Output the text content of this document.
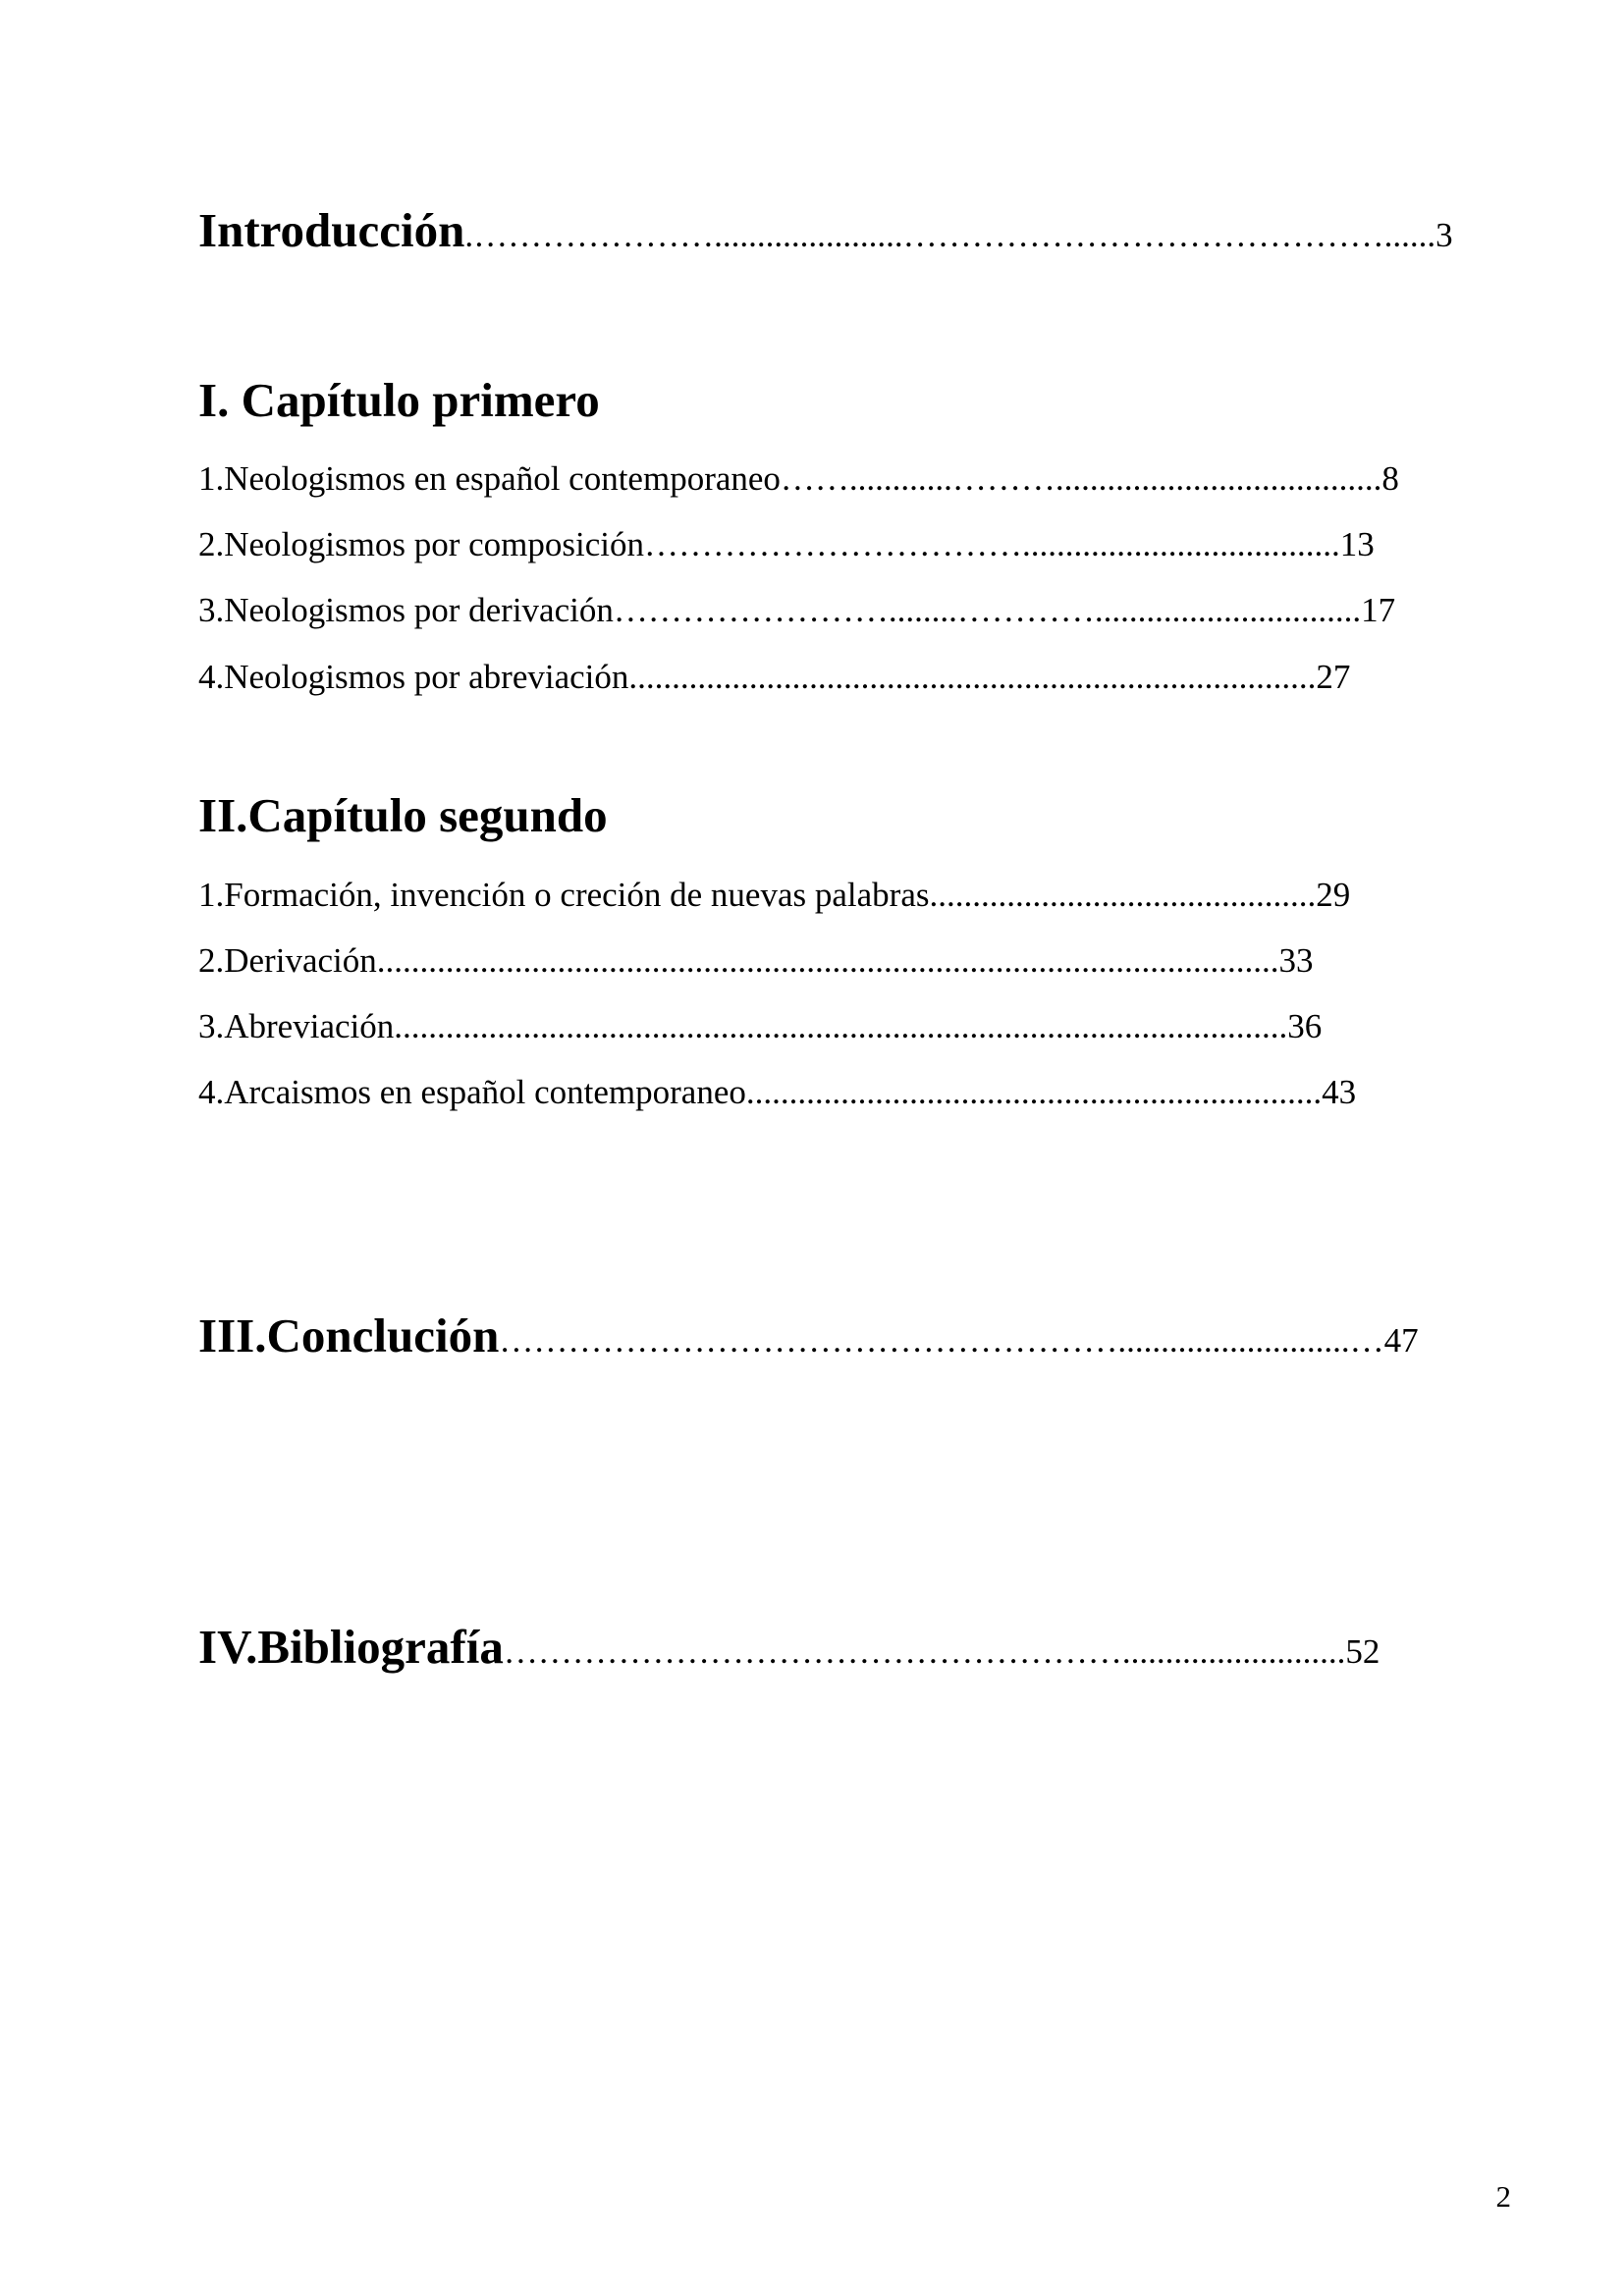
Introducción.…………………......................……………………………………......3
I. Capítulo primero
1.Neologismos en español contemporaneo……............………......................................8
2.Neologismos por composición…………………………….....................................13
3.Neologismos por derivación……………………........…………...............................17
4.Neologismos por abreviación................................................................................27
II.Capítulo segundo
1.Formación, invención o creción de nuevas palabras.............................................29
2.Derivación.........................................................................................................33
3.Abreviación........................................................................................................36
4.Arcaismos en español contemporaneo...................................................................43
III.Conclución………………………………………………...........................…47
IV.Bibliografía………………………………………………..........................52
2
